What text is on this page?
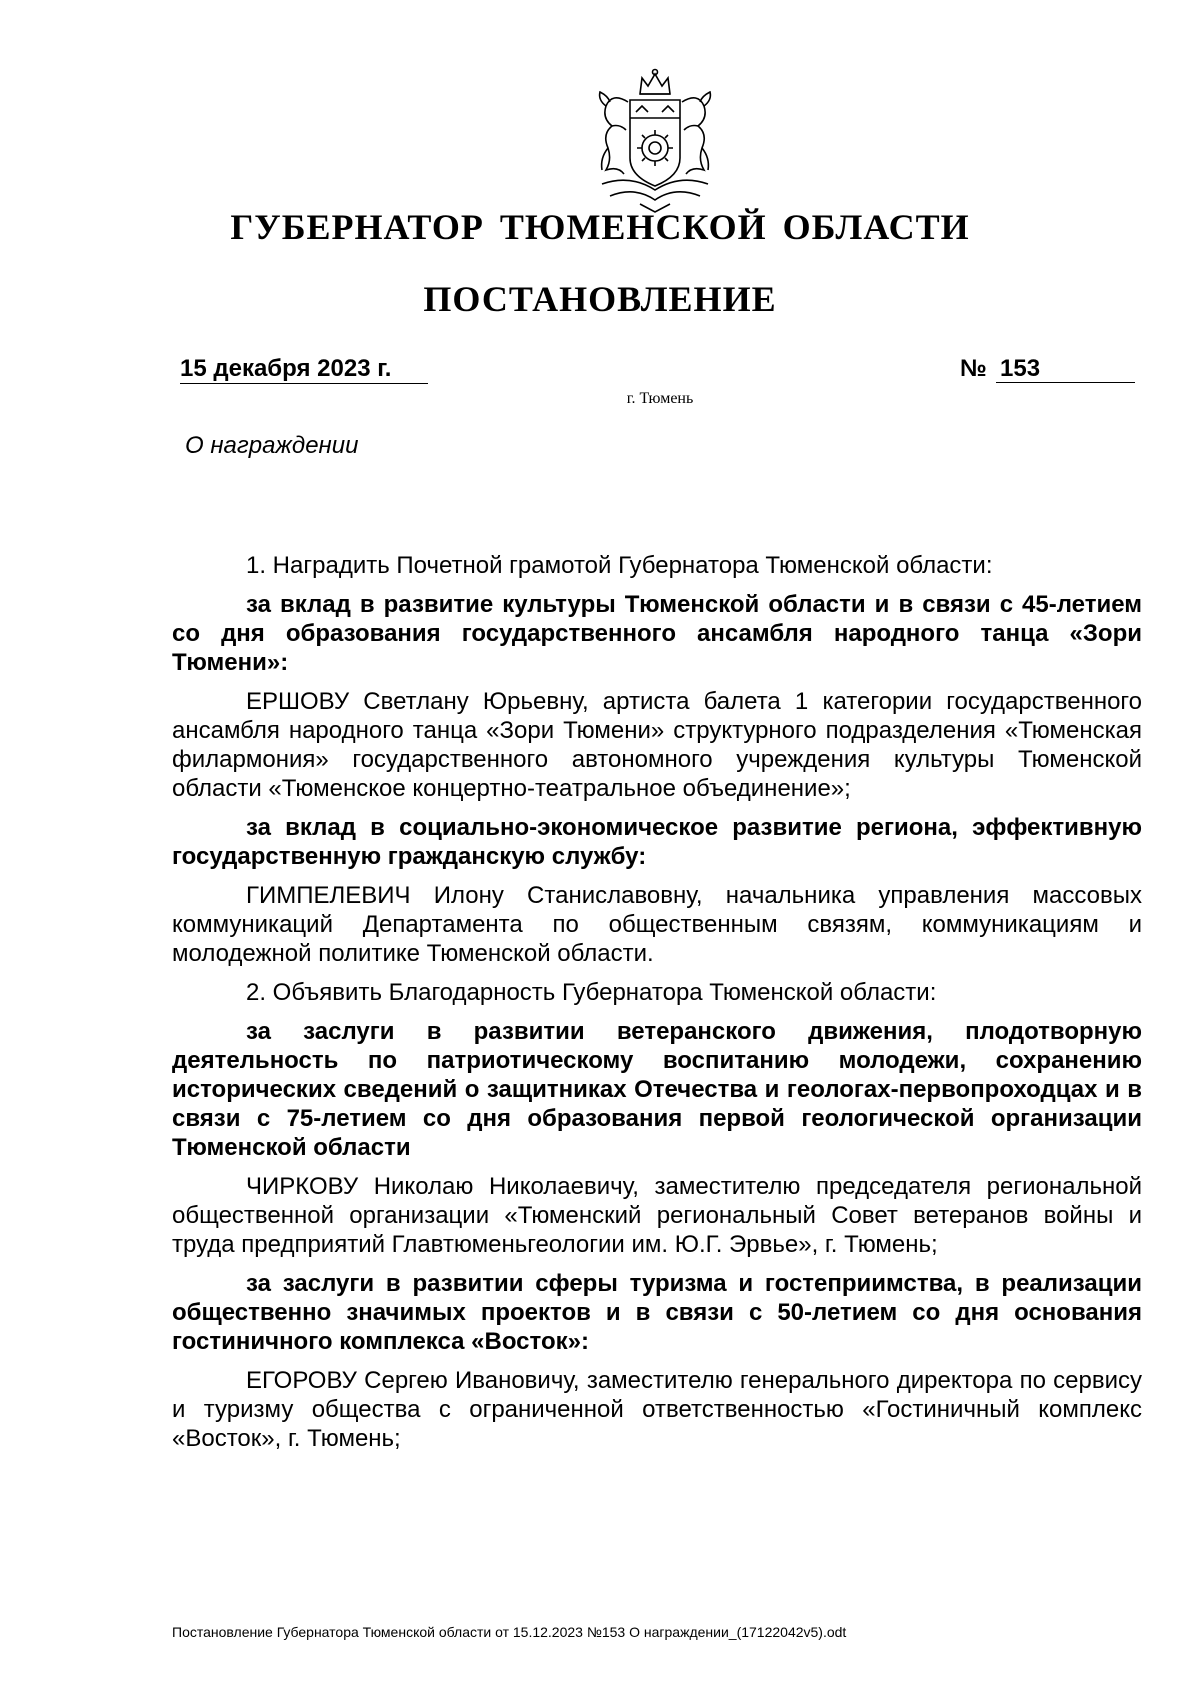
ГУБЕРНАТОР ТЮМЕНСКОЙ ОБЛАСТИ
ПОСТАНОВЛЕНИЕ
15 декабря 2023 г.	№ 153
г. Тюмень
О награждении

1. Наградить Почетной грамотой Губернатора Тюменской области:

за вклад в развитие культуры Тюменской области и в связи с 45-летием со дня образования государственного ансамбля народного танца «Зори Тюмени»:

ЕРШОВУ Светлану Юрьевну, артиста балета 1 категории государственного ансамбля народного танца «Зори Тюмени» структурного подразделения «Тюменская филармония» государственного автономного учреждения культуры Тюменской области «Тюменское концертно-театральное объединение»;

за вклад в социально-экономическое развитие региона, эффективную государственную гражданскую службу:

ГИМПЕЛЕВИЧ Илону Станиславовну, начальника управления массовых коммуникаций Департамента по общественным связям, коммуникациям и молодежной политике Тюменской области.

2. Объявить Благодарность Губернатора Тюменской области:

за заслуги в развитии ветеранского движения, плодотворную деятельность по патриотическому воспитанию молодежи, сохранению исторических сведений о защитниках Отечества и геологах-первопроходцах и в связи с 75-летием со дня образования первой геологической организации Тюменской области

ЧИРКОВУ Николаю Николаевичу, заместителю председателя региональной общественной организации «Тюменский региональный Совет ветеранов войны и труда предприятий Главтюменьгеологии им. Ю.Г. Эрвье», г. Тюмень;

за заслуги в развитии сферы туризма и гостеприимства, в реализации общественно значимых проектов и в связи с 50-летием со дня основания гостиничного комплекса «Восток»:

ЕГОРОВУ Сергею Ивановичу, заместителю генерального директора по сервису и туризму общества с ограниченной ответственностью «Гостиничный комплекс «Восток», г. Тюмень;

Постановление Губернатора Тюменской области от 15.12.2023 №153 О награждении_(17122042v5).odt
